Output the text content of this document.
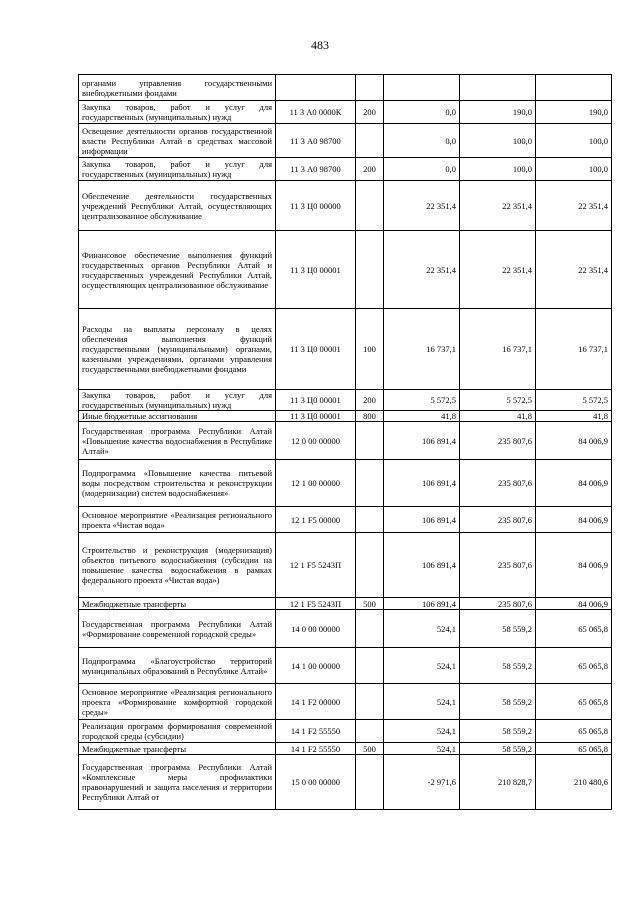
483
органами управления государственными внебюджетными фондами					
Закупка товаров, работ и услуг для государственных (муниципальных) нужд	11 3 А0 0000К	200	0,0	190,0	190,0
Освещение деятельности органов государственной власти Республики Алтай в средствах массовой информации	11 3 А0 98700		0,0	100,0	100,0
Закупка товаров, работ и услуг для государственных (муниципальных) нужд	11 3 А0 98700	200	0,0	100,0	100,0
Обеспечение деятельности государственных учреждений Республики Алтай, осуществляющих централизованное обслуживание	11 3 Ц0 00000		22 351,4	22 351,4	22 351,4
Финансовое обеспечение выполнения функций государственных органов Республики Алтай и государственных учреждений Республики Алтай, осуществляющих централизованное обслуживание	11 3 Ц0 00001		22 351,4	22 351,4	22 351,4
Расходы на выплаты персоналу в целях обеспечения выполнения функций государственными (муниципальными) органами, казенными учреждениями, органами управления государственными внебюджетными фондами	11 3 Ц0 00001	100	16 737,1	16 737,1	16 737,1
Закупка товаров, работ и услуг для государственных (муниципальных) нужд	11 3 Ц0 00001	200	5 572,5	5 572,5	5 572,5
Иные бюджетные ассигнования	11 3 Ц0 00001	800	41,8	41,8	41,8
Государственная программа Республики Алтай «Повышение качества водоснабжения в Республике Алтай»	12 0 00 00000		106 891,4	235 807,6	84 006,9
Подпрограмма «Повышение качества питьевой воды посредством строительства и реконструкции (модернизации) систем водоснабжения»	12 1 00 00000		106 891,4	235 807,6	84 006,9
Основное мероприятие «Реализация регионального проекта «Чистая вода»	12 1 F5 00000		106 891,4	235 807,6	84 006,9
Строительство и реконструкция (модернизация) объектов питьевого водоснабжения (субсидии на повышение качества водоснабжения в рамках федерального проекта «Чистая вода»)	12 1 F5 5243П		106 891,4	235 807,6	84 006,9
Межбюджетные трансферты	12 1 F5 5243П	500	106 891,4	235 807,6	84 006,9
Государственная программа Республики Алтай «Формирование современной городской среды»	14 0 00 00000		524,1	58 559,2	65 065,8
Подпрограмма «Благоустройство территорий муниципальных образований в Республике Алтай»	14 1 00 00000		524,1	58 559,2	65 065,8
Основное мероприятие «Реализация регионального проекта «Формирование комфортной городской среды»	14 1 F2 00000		524,1	58 559,2	65 065,8
Реализация программ формирования современной городской среды (субсидии)	14 1 F2 55550		524,1	58 559,2	65 065,8
Межбюджетные трансферты	14 1 F2 55550	500	524,1	58 559,2	65 065,8
Государственная программа Республики Алтай «Комплексные меры профилактики правонарушений и защита населения и территории Республики Алтай от	15 0 00 00000		-2 971,6	210 828,7	210 480,6
